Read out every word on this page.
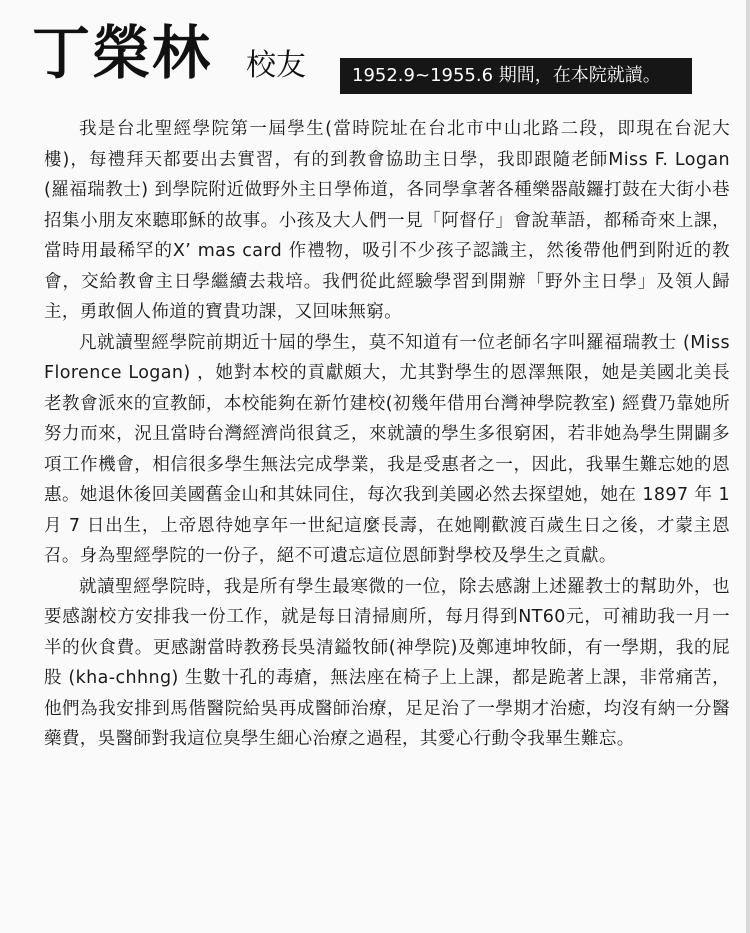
丁榮林 校友	1952.9~1955.6 期間，在本院就讀。

我是台北聖經學院第一屆學生(當時院址在台北市中山北路二段，即現在台泥大樓)，每禮拜天都要出去實習，有的到教會協助主日學，我即跟隨老師Miss F. Logan (羅福瑞教士) 到學院附近做野外主日學佈道，各同學拿著各種樂器敲鑼打鼓在大街小巷招集小朋友來聽耶穌的故事。小孩及大人們一見「阿督仔」會說華語，都稀奇來上課，當時用最稀罕的X’ mas card 作禮物，吸引不少孩子認識主，然後帶他們到附近的教會，交給教會主日學繼續去栽培。我們從此經驗學習到開辦「野外主日學」及領人歸主，勇敢個人佈道的寶貴功課，又回味無窮。

凡就讀聖經學院前期近十屆的學生，莫不知道有一位老師名字叫羅福瑞教士 (Miss Florence Logan) ，她對本校的貢獻頗大，尤其對學生的恩澤無限，她是美國北美長老教會派來的宣教師，本校能夠在新竹建校(初幾年借用台灣神學院教室) 經費乃靠她所努力而來，況且當時台灣經濟尚很貧乏，來就讀的學生多很窮困，若非她為學生開闢多項工作機會，相信很多學生無法完成學業，我是受惠者之一，因此，我畢生難忘她的恩惠。她退休後回美國舊金山和其妹同住，每次我到美國必然去探望她，她在 1897 年 1 月 7 日出生，上帝恩待她享年一世紀這麼長壽，在她剛歡渡百歲生日之後，才蒙主恩召。身為聖經學院的一份子，絕不可遺忘這位恩師對學校及學生之貢獻。

就讀聖經學院時，我是所有學生最寒微的一位，除去感謝上述羅教士的幫助外，也要感謝校方安排我一份工作，就是每日清掃廁所，每月得到NT60元，可補助我一月一半的伙食費。更感謝當時教務長吳清鎰牧師(神學院)及鄭連坤牧師，有一學期，我的屁股 (kha-chhng) 生數十孔的毒瘡，無法座在椅子上上課，都是跪著上課，非常痛苦，他們為我安排到馬偕醫院給吳再成醫師治療，足足治了一學期才治癒，均沒有納一分醫藥費，吳醫師對我這位臭學生細心治療之過程，其愛心行動令我畢生難忘。
